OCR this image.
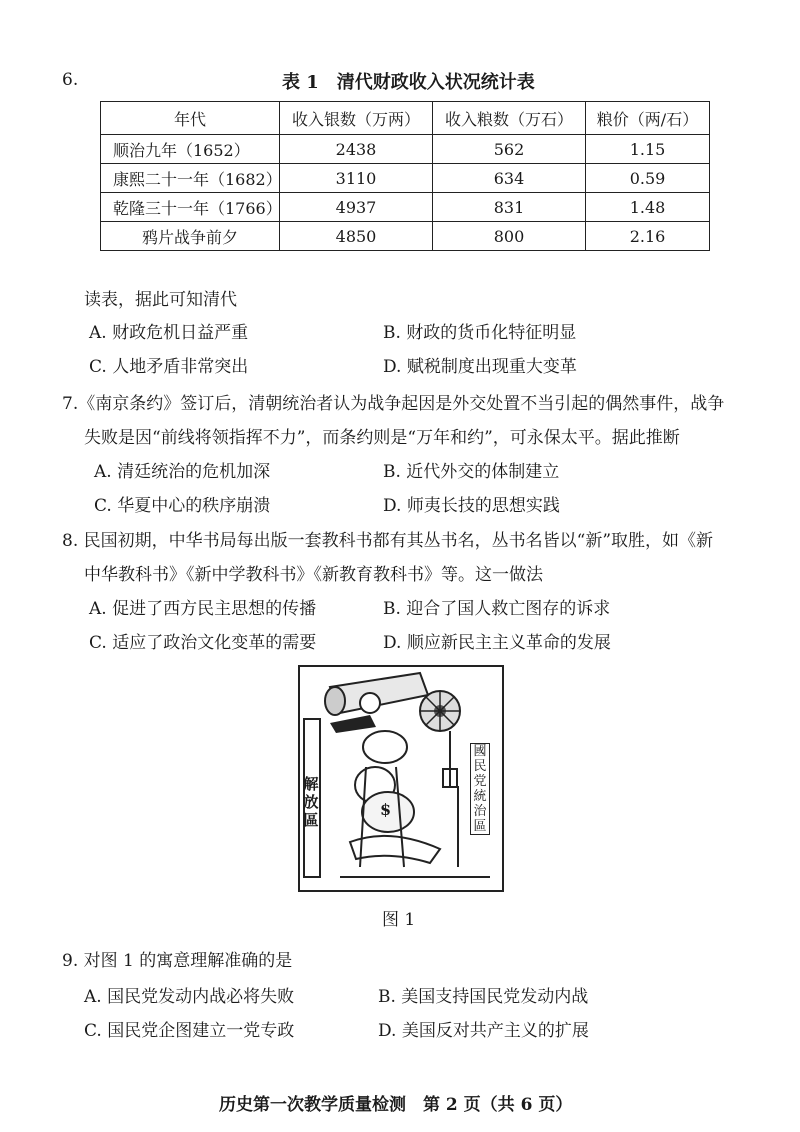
6.	表 1　清代财政收入状况统计表
年代	收入银数（万两）	收入粮数（万石）	粮价（两/石）
顺治九年（1652）	2438	562	1.15
康熙二十一年（1682）	3110	634	0.59
乾隆三十一年（1766）	4937	831	1.48
鸦片战争前夕	4850	800	2.16
读表，据此可知清代
A. 财政危机日益严重	B. 财政的货币化特征明显
C. 人地矛盾非常突出	D. 赋税制度出现重大变革
7.《南京条约》签订后，清朝统治者认为战争起因是外交处置不当引起的偶然事件，战争
失败是因“前线将领指挥不力”，而条约则是“万年和约”，可永保太平。据此推断
A. 清廷统治的危机加深	B. 近代外交的体制建立
C. 华夏中心的秩序崩溃	D. 师夷长技的思想实践
8. 民国初期，中华书局每出版一套教科书都有其丛书名，丛书名皆以“新”取胜，如《新
中华教科书》《新中学教科书》《新教育教科书》等。这一做法
A. 促进了西方民主思想的传播	B. 迎合了国人救亡图存的诉求
C. 适应了政治文化变革的需要	D. 顺应新民主主义革命的发展
解放區
國民党統治區
$
图 1
9. 对图 1 的寓意理解准确的是
A. 国民党发动内战必将失败	B. 美国支持国民党发动内战
C. 国民党企图建立一党专政	D. 美国反对共产主义的扩展
历史第一次教学质量检测　第 2 页（共 6 页）
